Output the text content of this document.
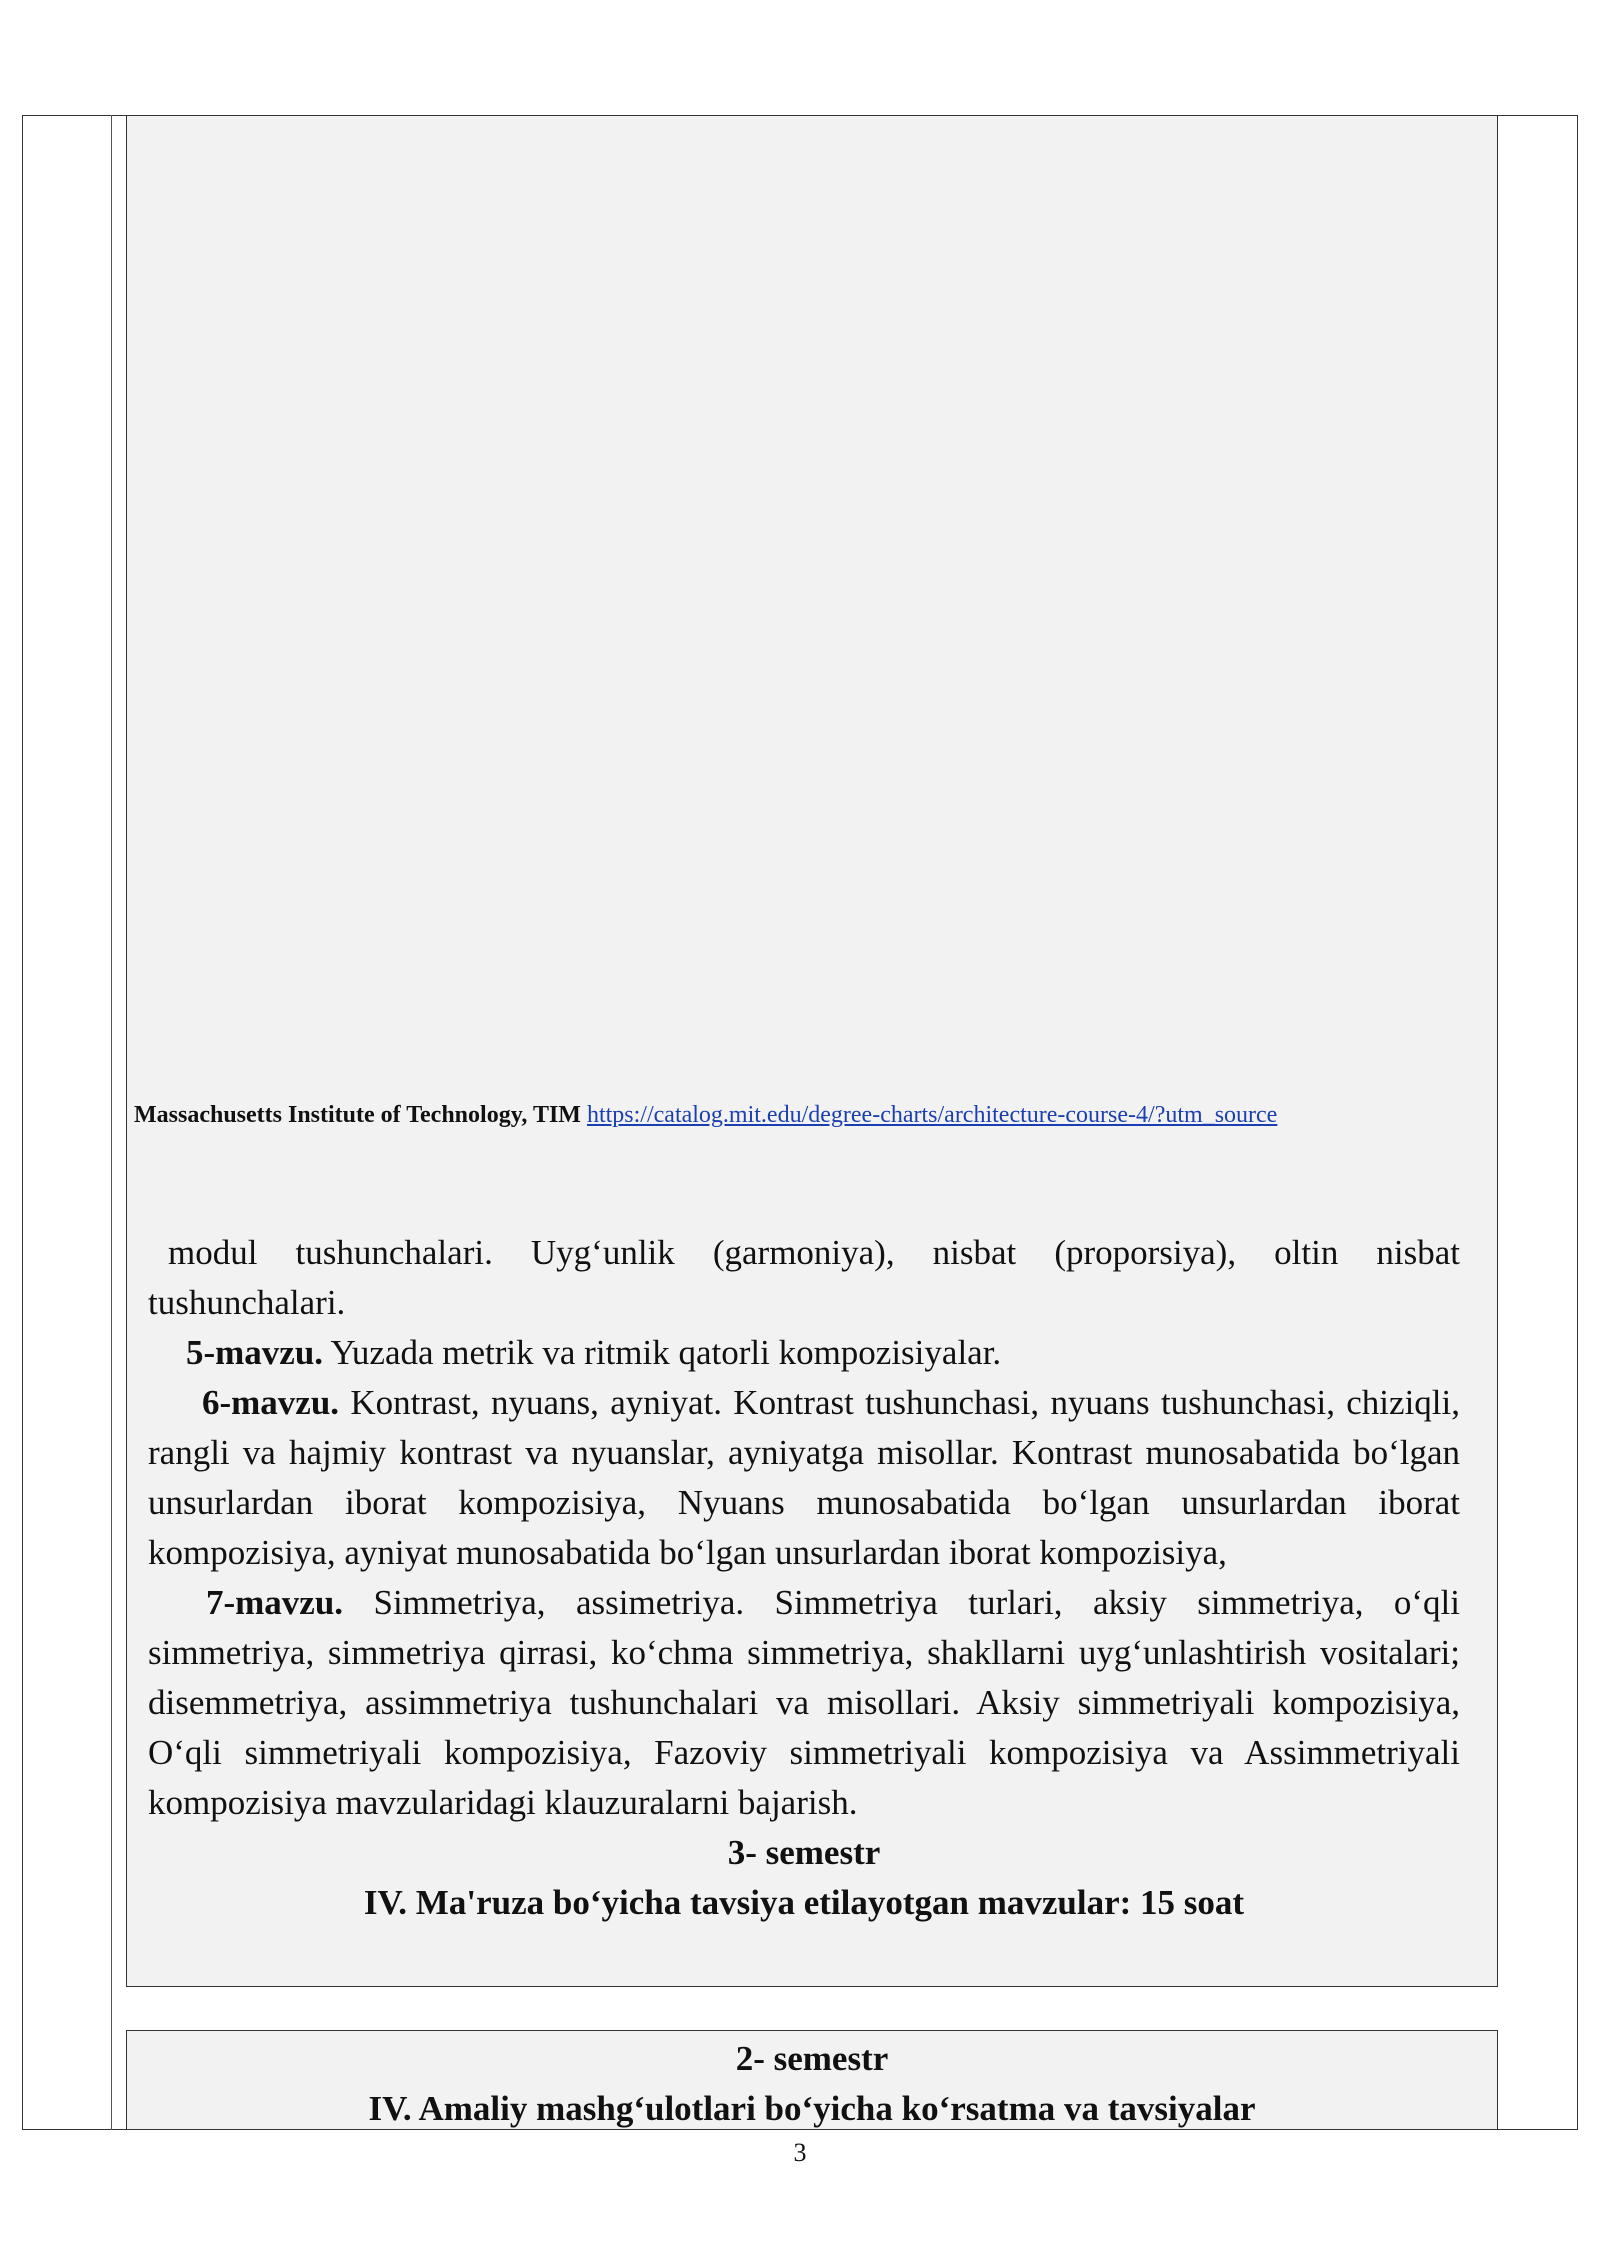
Massachusetts Institute of Technology, TIM https://catalog.mit.edu/degree-charts/architecture-course-4/?utm_source

modul tushunchalari. Uyg‘unlik (garmoniya), nisbat (proporsiya), oltin nisbat

tushunchalari.

5-mavzu. Yuzada metrik va ritmik qatorli kompozisiyalar.

6-mavzu. Kontrast, nyuans, ayniyat. Kontrast tushunchasi, nyuans tushunchasi, chiziqli, rangli va hajmiy kontrast va nyuanslar, ayniyatga misollar. Kontrast munosabatida bo‘lgan unsurlardan iborat kompozisiya, Nyuans munosabatida bo‘lgan unsurlardan iborat kompozisiya, ayniyat munosabatida bo‘lgan unsurlardan iborat kompozisiya,

7-mavzu. Simmetriya, assimetriya. Simmetriya turlari, aksiy simmetriya, o‘qli simmetriya, simmetriya qirrasi, ko‘chma simmetriya, shakllarni uyg‘unlashtirish vositalari; disemmetriya, assimmetriya tushunchalari va misollari. Aksiy simmetriyali kompozisiya, O‘qli simmetriyali kompozisiya, Fazoviy simmetriyali kompozisiya va Assimmetriyali kompozisiya mavzularidagi klauzuralarni bajarish.

3- semestr

IV. Ma'ruza bo‘yicha tavsiya etilayotgan mavzular: 15 soat

2- semestr

IV. Amaliy mashg‘ulotlari bo‘yicha ko‘rsatma va tavsiyalar

3
